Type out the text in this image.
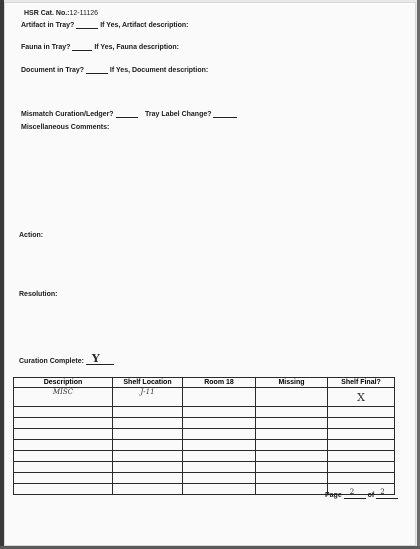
HSR Cat. No.:12-11126
Artifact in Tray?	If Yes, Artifact description:
Fauna in Tray?	If Yes, Fauna description:
Document in Tray?	If Yes, Document description:
Mismatch Curation/Ledger?	Tray Label Change?
Miscellaneous Comments:
Action:
Resolution:
Curation Complete: Y
Description	Shelf Location	Room 18	Missing	Shelf Final?

MISC	J-11			X

Page 2 of 2
